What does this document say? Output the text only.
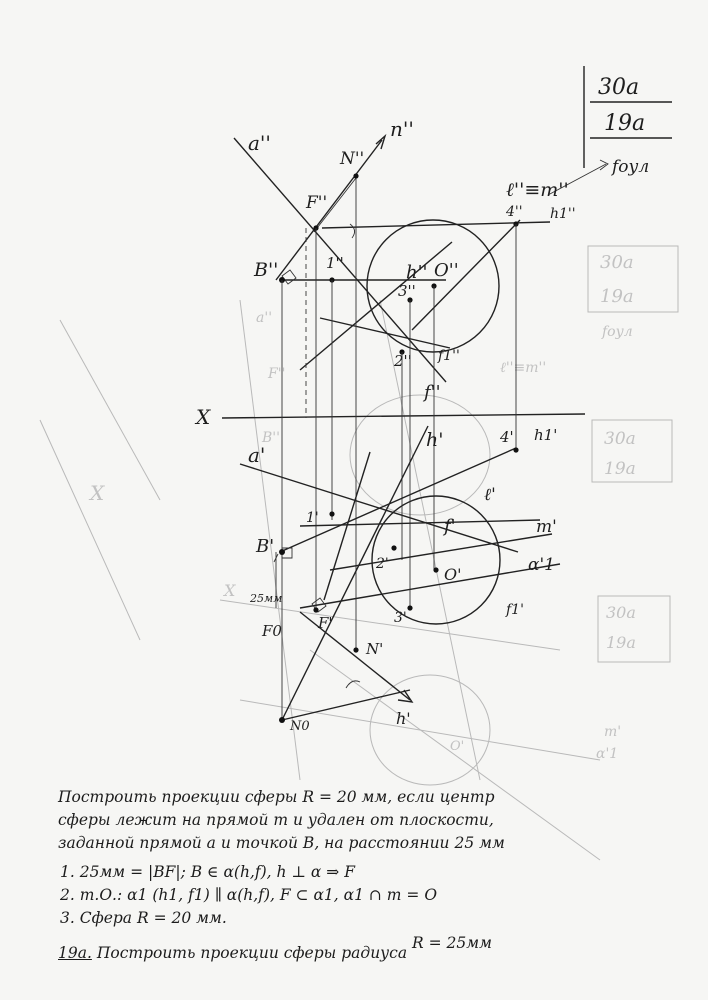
30a
19a
30a
19a
30a
19a
fоул
ℓ''≡m''
F''
B''
a''
X
X
m'
α'1
O'
30a
19a
fоул
X
a''
n''
N''
F''
B''	1''	h'' O''
3''
2''
f''
f1''
4'' h1''
ℓ''≡m''
a'
h'	4' h1'
ℓ'
1'	f'	m'
B'
2'
O'	α'1
3'	f1'
F'
F0
N'
h'
N0
25мм
Построить проекции сферы R = 20 мм, если центр
сферы лежит на прямой m и удален от плоскости,
заданной прямой a и точкой B, на расстоянии 25 мм
1. 25мм = |BF|; B ∈ α(h,f), h ⊥ α ⇒ F
2. т.О.: α1 (h1, f1) ∥ α(h,f), F ⊂ α1, α1 ∩ m = O
3. Сфера R = 20 мм.
19a. Построить проекции сферы радиуса R = 25мм
